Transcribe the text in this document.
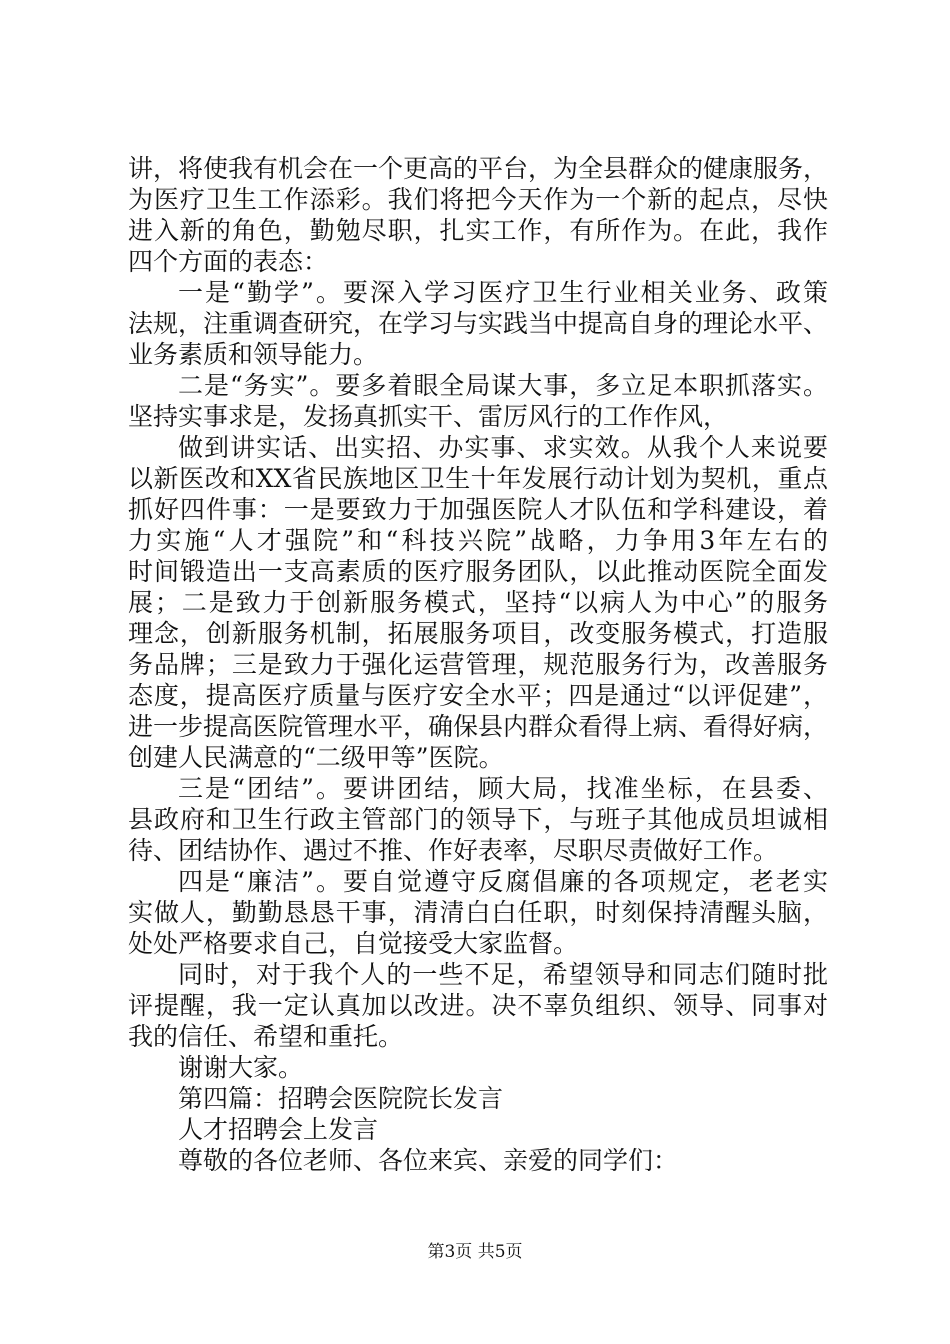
讲，将使我有机会在一个更高的平台，为全县群众的健康服务，
为医疗卫生工作添彩。我们将把今天作为一个新的起点，尽快
进入新的角色，勤勉尽职，扎实工作，有所作为。在此，我作
四个方面的表态：
一是“勤学”。要深入学习医疗卫生行业相关业务、政策
法规，注重调查研究，在学习与实践当中提高自身的理论水平、
业务素质和领导能力。
二是“务实”。要多着眼全局谋大事，多立足本职抓落实。
坚持实事求是，发扬真抓实干、雷厉风行的工作作风，
做到讲实话、出实招、办实事、求实效。从我个人来说要
以新医改和XX省民族地区卫生十年发展行动计划为契机，重点
抓好四件事：一是要致力于加强医院人才队伍和学科建设，着
力实施“人才强院”和“科技兴院”战略，力争用3年左右的
时间锻造出一支高素质的医疗服务团队，以此推动医院全面发
展；二是致力于创新服务模式，坚持“以病人为中心”的服务
理念，创新服务机制，拓展服务项目，改变服务模式，打造服
务品牌；三是致力于强化运营管理，规范服务行为，改善服务
态度，提高医疗质量与医疗安全水平；四是通过“以评促建”，
进一步提高医院管理水平，确保县内群众看得上病、看得好病，
创建人民满意的“二级甲等”医院。
三是“团结”。要讲团结，顾大局，找准坐标，在县委、
县政府和卫生行政主管部门的领导下，与班子其他成员坦诚相
待、团结协作、遇过不推、作好表率，尽职尽责做好工作。
四是“廉洁”。要自觉遵守反腐倡廉的各项规定，老老实
实做人，勤勤恳恳干事，清清白白任职，时刻保持清醒头脑，
处处严格要求自己，自觉接受大家监督。
同时，对于我个人的一些不足，希望领导和同志们随时批
评提醒，我一定认真加以改进。决不辜负组织、领导、同事对
我的信任、希望和重托。
谢谢大家。
第四篇：招聘会医院院长发言
人才招聘会上发言
尊敬的各位老师、各位来宾、亲爱的同学们：
第3页 共5页
